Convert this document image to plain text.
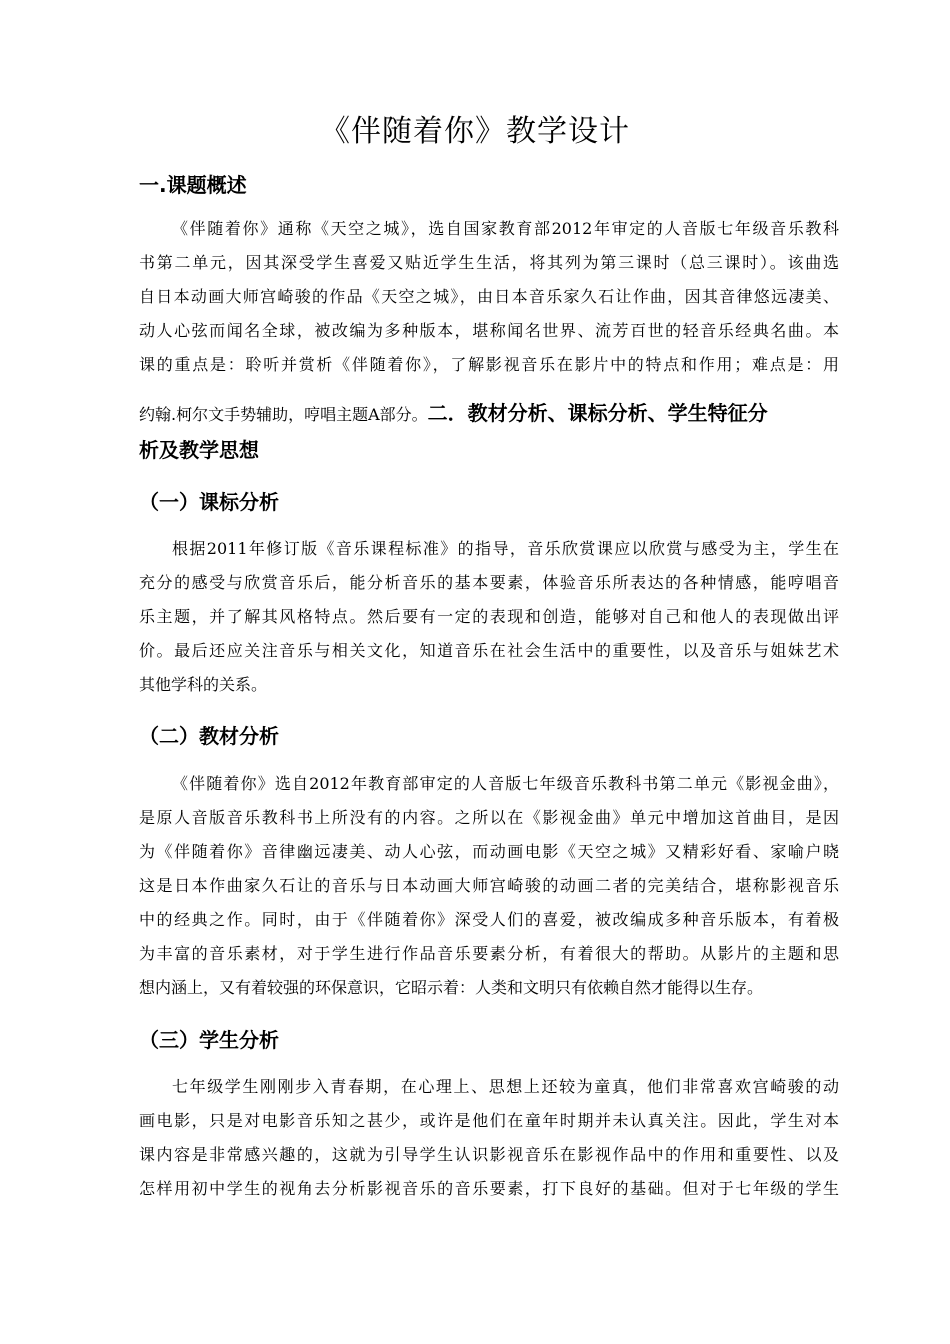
《伴随着你》教学设计
一.课题概述
《伴随着你》通称《天空之城》，选自国家教育部2012年审定的人音版七年级音乐教科
书第二单元，因其深受学生喜爱又贴近学生生活，将其列为第三课时（总三课时）。该曲选
自日本动画大师宫崎骏的作品《天空之城》，由日本音乐家久石让作曲，因其音律悠远凄美、
动人心弦而闻名全球，被改编为多种版本，堪称闻名世界、流芳百世的轻音乐经典名曲。本
课的重点是：聆听并赏析《伴随着你》，了解影视音乐在影片中的特点和作用；难点是：用
约翰.柯尔文手势辅助，哼唱主题A部分。二．教材分析、课标分析、学生特征分
析及教学思想
（一）课标分析
根据2011年修订版《音乐课程标准》的指导，音乐欣赏课应以欣赏与感受为主，学生在
充分的感受与欣赏音乐后，能分析音乐的基本要素，体验音乐所表达的各种情感，能哼唱音
乐主题，并了解其风格特点。然后要有一定的表现和创造，能够对自己和他人的表现做出评
价。最后还应关注音乐与相关文化，知道音乐在社会生活中的重要性，以及音乐与姐妹艺术
其他学科的关系。
（二）教材分析
《伴随着你》选自2012年教育部审定的人音版七年级音乐教科书第二单元《影视金曲》，
是原人音版音乐教科书上所没有的内容。之所以在《影视金曲》单元中增加这首曲目，是因
为《伴随着你》音律幽远凄美、动人心弦，而动画电影《天空之城》又精彩好看、家喻户晓
这是日本作曲家久石让的音乐与日本动画大师宫崎骏的动画二者的完美结合，堪称影视音乐
中的经典之作。同时，由于《伴随着你》深受人们的喜爱，被改编成多种音乐版本，有着极
为丰富的音乐素材，对于学生进行作品音乐要素分析，有着很大的帮助。从影片的主题和思
想内涵上，又有着较强的环保意识，它昭示着：人类和文明只有依赖自然才能得以生存。
（三）学生分析
七年级学生刚刚步入青春期，在心理上、思想上还较为童真，他们非常喜欢宫崎骏的动
画电影，只是对电影音乐知之甚少，或许是他们在童年时期并未认真关注。因此，学生对本
课内容是非常感兴趣的，这就为引导学生认识影视音乐在影视作品中的作用和重要性、以及
怎样用初中学生的视角去分析影视音乐的音乐要素，打下良好的基础。但对于七年级的学生
